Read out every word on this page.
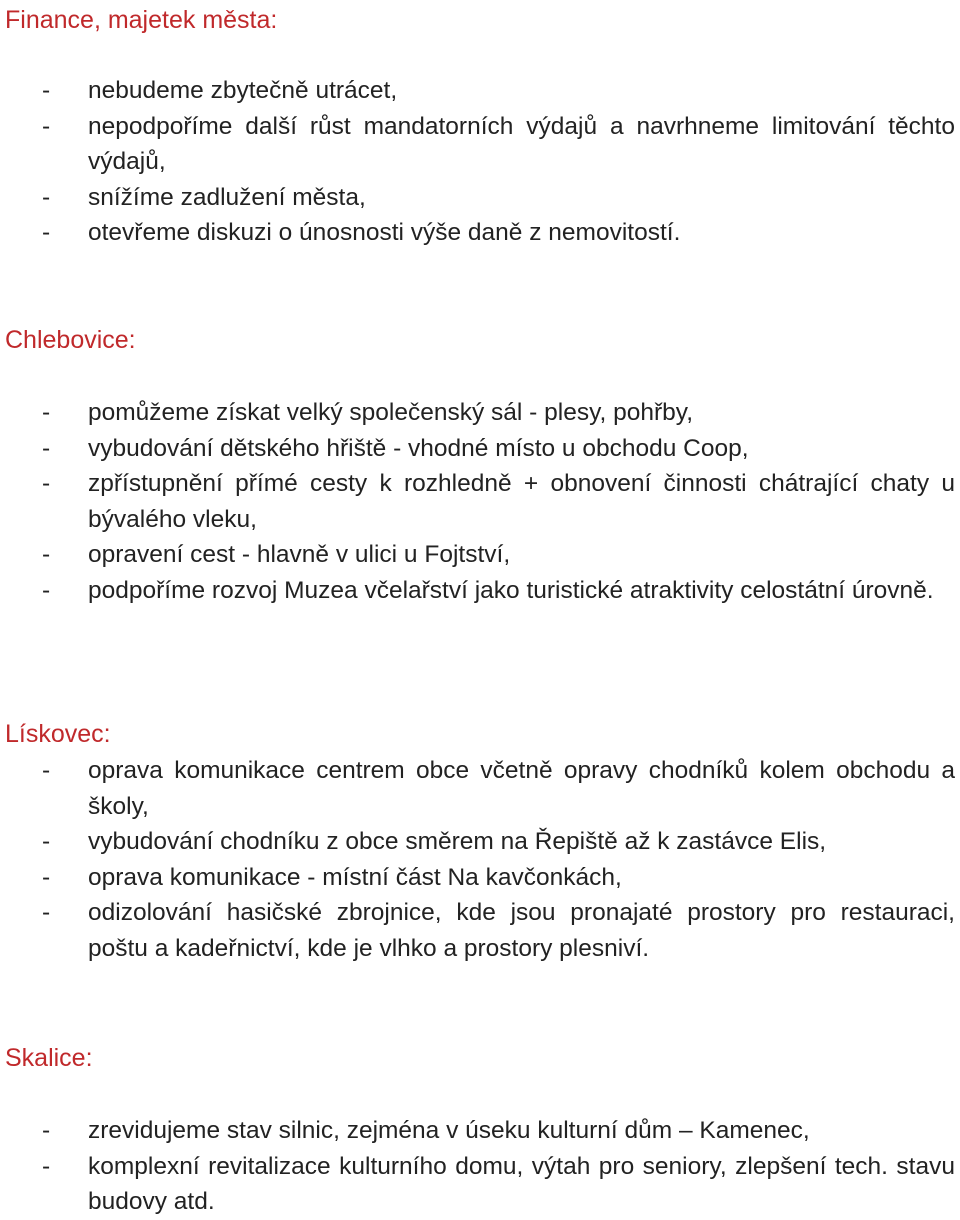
Finance, majetek města:
- nebudeme zbytečně utrácet,
- nepodpoříme další růst mandatorních výdajů a navrhneme limitování těchto výdajů,
- snížíme zadlužení města,
- otevřeme diskuzi o únosnosti výše daně z nemovitostí.
Chlebovice:
- pomůžeme získat velký společenský sál - plesy, pohřby,
- vybudování dětského hřiště - vhodné místo u obchodu Coop,
- zpřístupnění přímé cesty k rozhledně + obnovení činnosti chátrající chaty u bývalého vleku,
- opravení cest - hlavně v ulici u Fojtství,
- podpoříme rozvoj Muzea včelařství jako turistické atraktivity celostátní úrovně.
Lískovec:
- oprava komunikace centrem obce včetně opravy chodníků kolem obchodu a školy,
- vybudování chodníku z obce směrem na Řepiště až k zastávce Elis,
- oprava komunikace - místní část Na kavčonkách,
- odizolování hasičské zbrojnice, kde jsou pronajaté prostory pro restauraci, poštu a kadeřnictví, kde je vlhko a prostory plesniví.
Skalice:
- zrevidujeme stav silnic, zejména v úseku kulturní dům – Kamenec,
- komplexní revitalizace kulturního domu, výtah pro seniory, zlepšení tech. stavu budovy atd.
